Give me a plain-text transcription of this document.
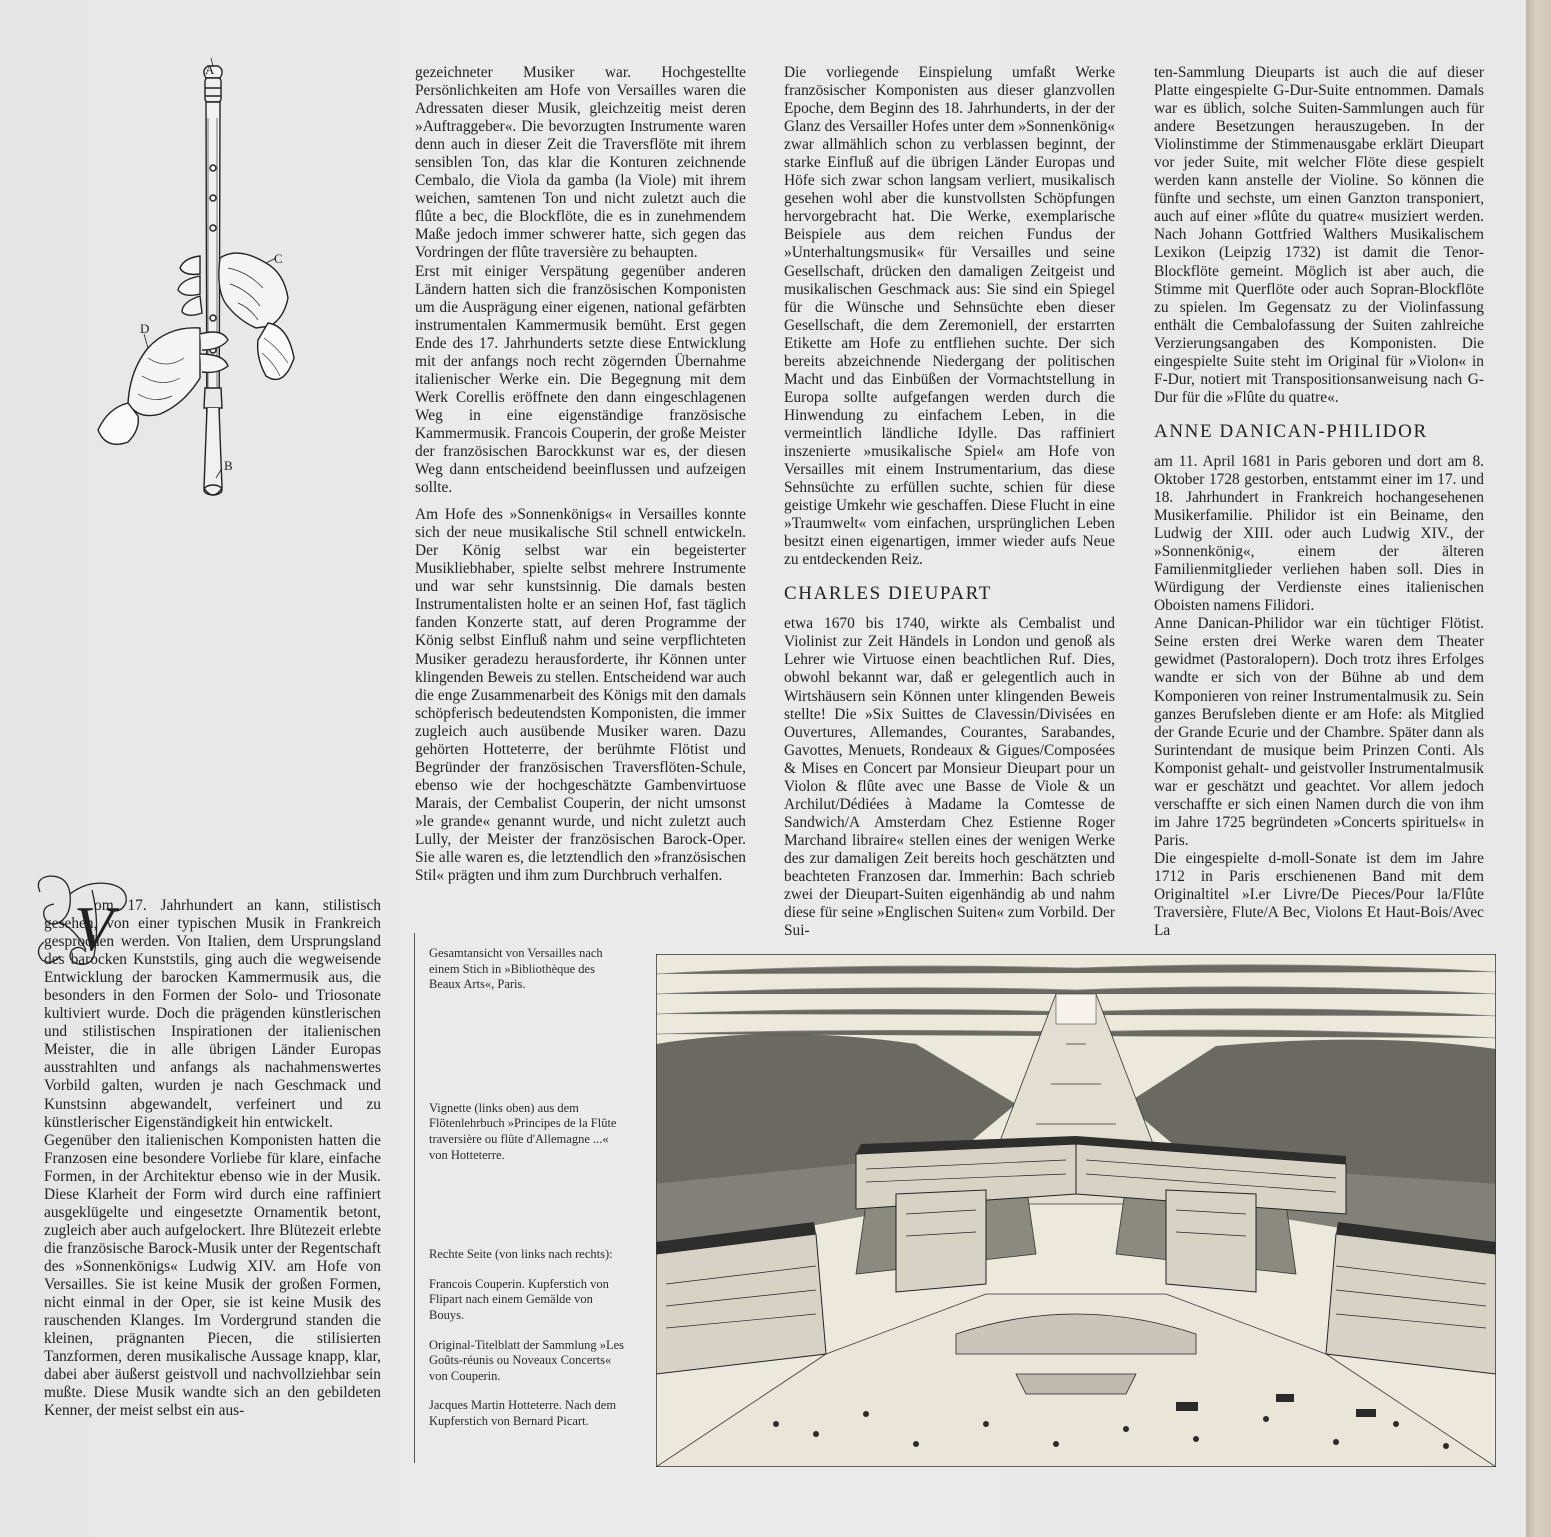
A
C
D
B

gezeichneter Musiker war. Hochgestellte Persönlichkeiten am Hofe von Versailles waren die Adressaten dieser Musik, gleichzeitig meist deren »Auftraggeber«. Die bevorzugten Instrumente waren denn auch in dieser Zeit die Traversflöte mit ihrem sensiblen Ton, das klar die Konturen zeichnende Cembalo, die Viola da gamba (la Viole) mit ihrem weichen, samtenen Ton und nicht zuletzt auch die flûte a bec, die Blockflöte, die es in zunehmendem Maße jedoch immer schwerer hatte, sich gegen das Vordringen der flûte traversière zu behaupten.

Erst mit einiger Verspätung gegenüber anderen Ländern hatten sich die französischen Komponisten um die Ausprägung einer eigenen, national gefärbten instrumentalen Kammermusik bemüht. Erst gegen Ende des 17. Jahrhunderts setzte diese Entwicklung mit der anfangs noch recht zögernden Übernahme italienischer Werke ein. Die Begegnung mit dem Werk Corellis eröffnete den dann eingeschlagenen Weg in eine eigenständige französische Kammermusik. Francois Couperin, der große Meister der französischen Barockkunst war es, der diesen Weg dann entscheidend beeinflussen und aufzeigen sollte.

Am Hofe des »Sonnenkönigs« in Versailles konnte sich der neue musikalische Stil schnell entwickeln. Der König selbst war ein begeisterter Musikliebhaber, spielte selbst mehrere Instrumente und war sehr kunstsinnig. Die damals besten Instrumentalisten holte er an seinen Hof, fast täglich fanden Konzerte statt, auf deren Programme der König selbst Einfluß nahm und seine verpflichteten Musiker geradezu herausforderte, ihr Können unter klingenden Beweis zu stellen. Entscheidend war auch die enge Zusammenarbeit des Königs mit den damals schöpferisch bedeutendsten Komponisten, die immer zugleich auch ausübende Musiker waren. Dazu gehörten Hotteterre, der berühmte Flötist und Begründer der französischen Traversflöten-Schule, ebenso wie der hochgeschätzte Gambenvirtuose Marais, der Cembalist Couperin, der nicht umsonst »le grande« genannt wurde, und nicht zuletzt auch Lully, der Meister der französischen Barock-Oper. Sie alle waren es, die letztendlich den »französischen Stil« prägten und ihm zum Durchbruch verhalfen.

Die vorliegende Einspielung umfaßt Werke französischer Komponisten aus dieser glanzvollen Epoche, dem Beginn des 18. Jahrhunderts, in der der Glanz des Versailler Hofes unter dem »Sonnenkönig« zwar allmählich schon zu verblassen beginnt, der starke Einfluß auf die übrigen Länder Europas und Höfe sich zwar schon langsam verliert, musikalisch gesehen wohl aber die kunstvollsten Schöpfungen hervorgebracht hat. Die Werke, exemplarische Beispiele aus dem reichen Fundus der »Unterhaltungsmusik« für Versailles und seine Gesellschaft, drücken den damaligen Zeitgeist und musikalischen Geschmack aus: Sie sind ein Spiegel für die Wünsche und Sehnsüchte eben dieser Gesellschaft, die dem Zeremoniell, der erstarrten Etikette am Hofe zu entfliehen suchte. Der sich bereits abzeichnende Niedergang der politischen Macht und das Einbüßen der Vormachtstellung in Europa sollte aufgefangen werden durch die Hinwendung zu einfachem Leben, in die vermeintlich ländliche Idylle. Das raffiniert inszenierte »musikalische Spiel« am Hofe von Versailles mit einem Instrumentarium, das diese Sehnsüchte zu erfüllen suchte, schien für diese geistige Umkehr wie geschaffen. Diese Flucht in eine »Traumwelt« vom einfachen, ursprünglichen Leben besitzt einen eigenartigen, immer wieder aufs Neue zu entdeckenden Reiz.

CHARLES DIEUPART

etwa 1670 bis 1740, wirkte als Cembalist und Violinist zur Zeit Händels in London und genoß als Lehrer wie Virtuose einen beachtlichen Ruf. Dies, obwohl bekannt war, daß er gelegentlich auch in Wirtshäusern sein Können unter klingenden Beweis stellte! Die »Six Suittes de Clavessin/Divisées en Ouvertures, Allemandes, Courantes, Sarabandes, Gavottes, Menuets, Rondeaux & Gigues/Composées & Mises en Concert par Monsieur Dieupart pour un Violon & flûte avec une Basse de Viole & un Archilut/Dédiées à Madame la Comtesse de Sandwich/A Amsterdam Chez Estienne Roger Marchand libraire« stellen eines der wenigen Werke des zur damaligen Zeit bereits hoch geschätzten und beachteten Franzosen dar. Immerhin: Bach schrieb zwei der Dieupart-Suiten eigenhändig ab und nahm diese für seine »Englischen Suiten« zum Vorbild. Der Sui-

ten-Sammlung Dieuparts ist auch die auf dieser Platte eingespielte G-Dur-Suite entnommen. Damals war es üblich, solche Suiten-Sammlungen auch für andere Besetzungen herauszugeben. In der Violinstimme der Stimmenausgabe erklärt Dieupart vor jeder Suite, mit welcher Flöte diese gespielt werden kann anstelle der Violine. So können die fünfte und sechste, um einen Ganzton transponiert, auch auf einer »flûte du quatre« musiziert werden. Nach Johann Gottfried Walthers Musikalischem Lexikon (Leipzig 1732) ist damit die Tenor-Blockflöte gemeint. Möglich ist aber auch, die Stimme mit Querflöte oder auch Sopran-Blockflöte zu spielen. Im Gegensatz zu der Violinfassung enthält die Cembalofassung der Suiten zahlreiche Verzierungsangaben des Komponisten. Die eingespielte Suite steht im Original für »Violon« in F-Dur, notiert mit Transpositionsanweisung nach G-Dur für die »Flûte du quatre«.

ANNE DANICAN-PHILIDOR

am 11. April 1681 in Paris geboren und dort am 8. Oktober 1728 gestorben, entstammt einer im 17. und 18. Jahrhundert in Frankreich hochangesehenen Musikerfamilie. Philidor ist ein Beiname, den Ludwig der XIII. oder auch Ludwig XIV., der »Sonnenkönig«, einem der älteren Familienmitglieder verliehen haben soll. Dies in Würdigung der Verdienste eines italienischen Oboisten namens Filidori.

Anne Danican-Philidor war ein tüchtiger Flötist. Seine ersten drei Werke waren dem Theater gewidmet (Pastoralopern). Doch trotz ihres Erfolges wandte er sich von der Bühne ab und dem Komponieren von reiner Instrumentalmusik zu. Sein ganzes Berufsleben diente er am Hofe: als Mitglied der Grande Ecurie und der Chambre. Später dann als Surintendant de musique beim Prinzen Conti. Als Komponist gehalt- und geistvoller Instrumentalmusik war er geschätzt und geachtet. Vor allem jedoch verschaffte er sich einen Namen durch die von ihm im Jahre 1725 begründeten »Concerts spirituels« in Paris.

Die eingespielte d-moll-Sonate ist dem im Jahre 1712 in Paris erschienenen Band mit dem Originaltitel »I.er Livre/De Pieces/Pour la/Flûte Traversière, Flute/A Bec, Violons Et Haut-Bois/Avec La

V

om 17. Jahrhundert an kann, stilistisch gesehen, von einer typischen Musik in Frankreich gesprochen werden. Von Italien, dem Ursprungsland des barocken Kunststils, ging auch die wegweisende Entwicklung der barocken Kammermusik aus, die besonders in den Formen der Solo- und Triosonate kultiviert wurde. Doch die prägenden künstlerischen und stilistischen Inspirationen der italienischen Meister, die in alle übrigen Länder Europas ausstrahlten und anfangs als nachahmenswertes Vorbild galten, wurden je nach Geschmack und Kunstsinn abgewandelt, verfeinert und zu künstlerischer Eigenständigkeit hin entwickelt.

Gegenüber den italienischen Komponisten hatten die Franzosen eine besondere Vorliebe für klare, einfache Formen, in der Architektur ebenso wie in der Musik. Diese Klarheit der Form wird durch eine raffiniert ausgeklügelte und eingesetzte Ornamentik betont, zugleich aber auch aufgelockert. Ihre Blütezeit erlebte die französische Barock-Musik unter der Regentschaft des »Sonnenkönigs« Ludwig XIV. am Hofe von Versailles. Sie ist keine Musik der großen Formen, nicht einmal in der Oper, sie ist keine Musik des rauschenden Klanges. Im Vordergrund standen die kleinen, prägnanten Piecen, die stilisierten Tanzformen, deren musikalische Aussage knapp, klar, dabei aber äußerst geistvoll und nachvollziehbar sein mußte. Diese Musik wandte sich an den gebildeten Kenner, der meist selbst ein aus-

Gesamtansicht von Versailles nach einem Stich in »Bibliothèque des Beaux Arts«, Paris.

Vignette (links oben) aus dem Flötenlehrbuch »Principes de la Flûte traversière ou flûte d'Allemagne ...« von Hotteterre.

Rechte Seite (von links nach rechts):

Francois Couperin. Kupferstich von Flipart nach einem Gemälde von Bouys.

Original-Titelblatt der Sammlung »Les Goûts-réunis ou Noveaux Concerts« von Couperin.

Jacques Martin Hotteterre. Nach dem Kupferstich von Bernard Picart.
